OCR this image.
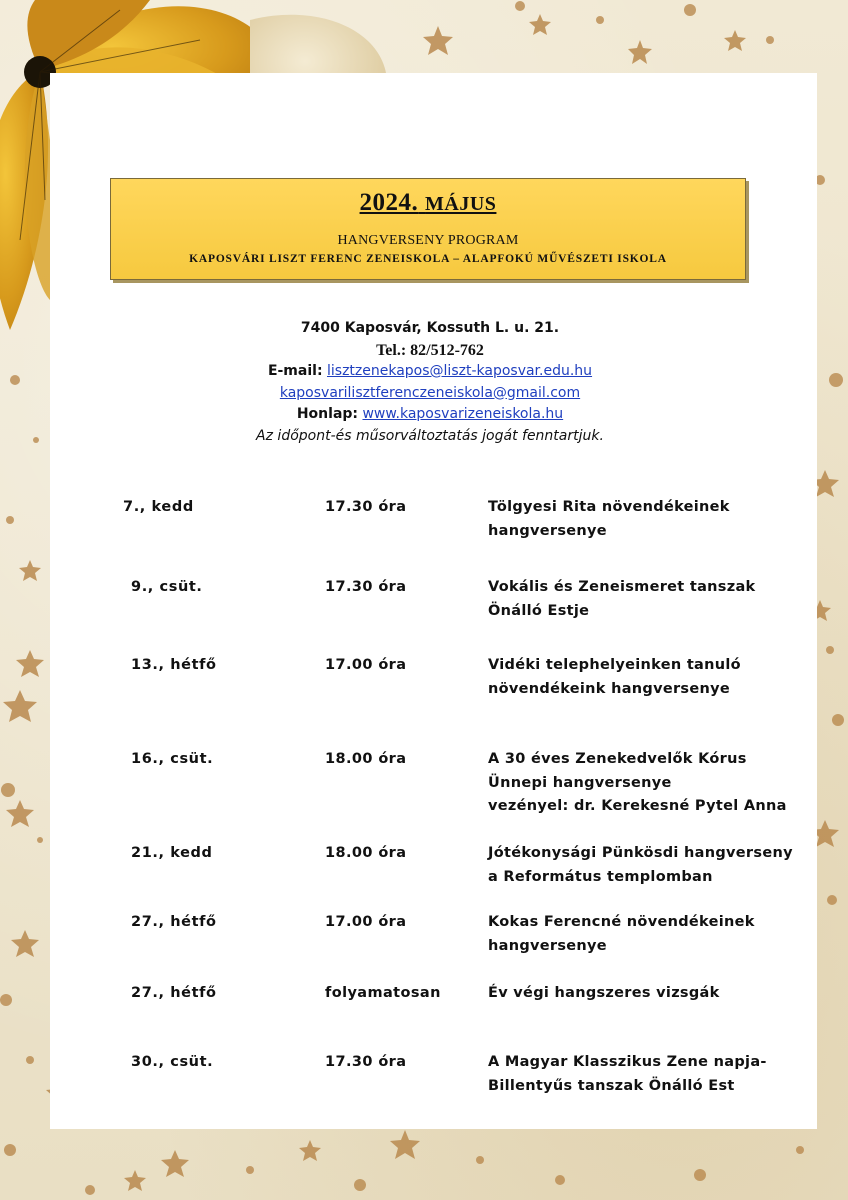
2024. MÁJUS
HANGVERSENY PROGRAM
KAPOSVÁRI LISZT FERENC ZENEISKOLA – ALAPFOKÚ MŰVÉSZETI ISKOLA
7400 Kaposvár, Kossuth L. u. 21.
Tel.: 82/512-762
E-mail: lisztzenekapos@liszt-kaposvar.edu.hu
kaposvarilisztferenczeneiskola@gmail.com
Honlap: www.kaposvarizeneiskola.hu
Az időpont-és műsorváltoztatás jogát fenntartjuk.
7., kedd	17.30 óra	Tölgyesi Rita növendékeinek
hangversenye
9., csüt.	17.30 óra	Vokális és Zeneismeret tanszak
Önálló Estje
13., hétfő	17.00 óra	Vidéki telephelyeinken tanuló
növendékeink hangversenye
16., csüt.	18.00 óra	A 30 éves Zenekedvelők Kórus
Ünnepi hangversenye
vezényel: dr. Kerekesné Pytel Anna
21., kedd	18.00 óra	Jótékonysági Pünkösdi hangverseny
a Református templomban
27., hétfő	17.00 óra	Kokas Ferencné növendékeinek
hangversenye
27., hétfő	folyamatosan	Év végi hangszeres vizsgák
30., csüt.	17.30 óra	A Magyar Klasszikus Zene napja-
Billentyűs tanszak Önálló Est
